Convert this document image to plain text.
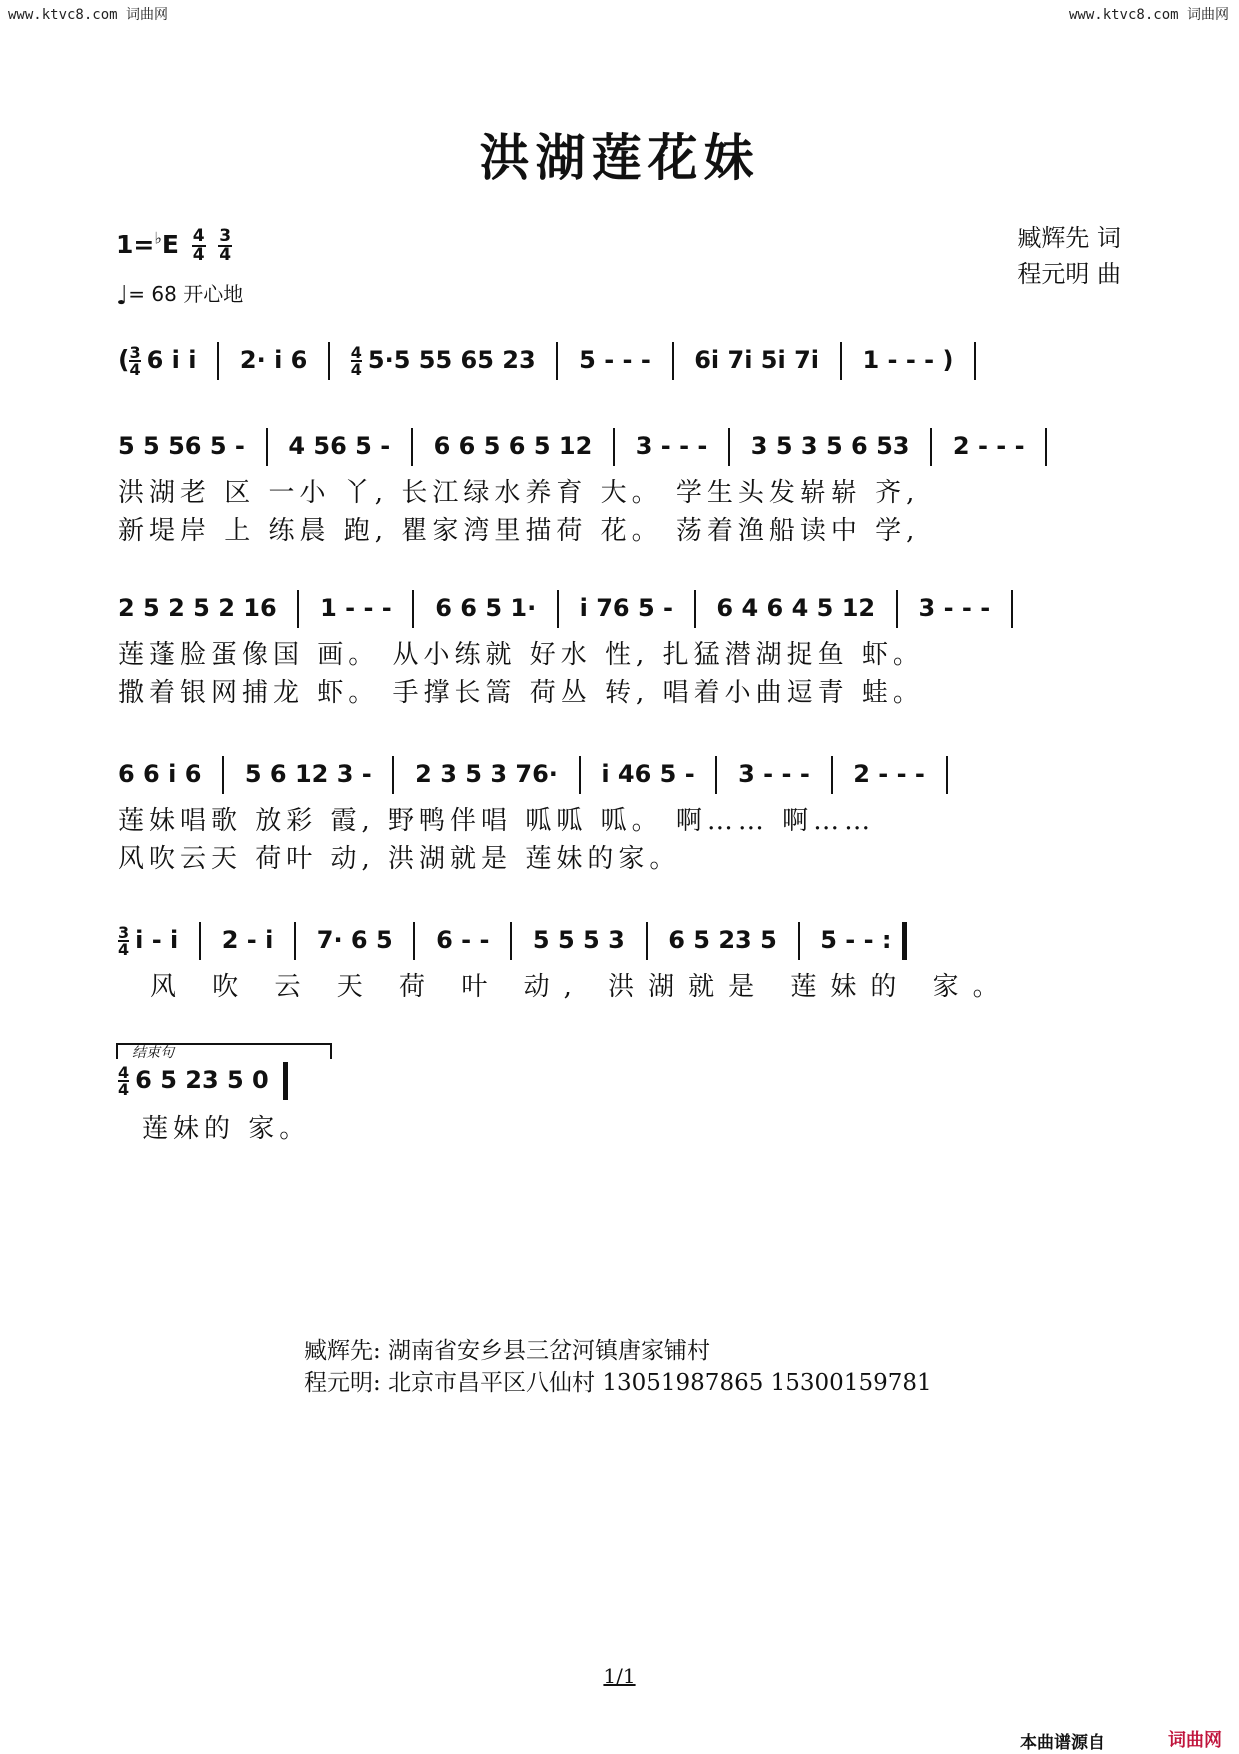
www.ktvc8.com 词曲网	www.ktvc8.com 词曲网
洪湖莲花妹
$1=^♭E \frac{4}{4}$
$\frac{3}{4}$
♩= 68 开心地
臧辉先 词
程元明 曲
( $\frac{3}{4} 6$ i i 2· i 6	$\frac{4}{4} 5\cdot 5$ 55 65 23 5 - - - 6i 7i 5i 7i 1 - - - )
5 5 56 5 - 4 56 5 - 6 6 5 6 5 12 3 - - - 3 5 3 5 6 53 2 - - -
洪湖老 区 一小 丫, 长江绿水养育 大。 学生头发崭崭 齐,
新堤岸 上 练晨 跑, 瞿家湾里描荷 花。 荡着渔船读中 学,
2 5 2 5 2 16 1 - - - 6 6 5 1· i 76 5 - 6 4 6 4 5 12 3 - - -
莲蓬脸蛋像国 画。 从小练就 好水 性, 扎猛潜湖捉鱼 虾。
撒着银网捕龙 虾。 手撑长篙 荷丛 转, 唱着小曲逗青 蛙。
6 6 i 6 5 6 12 3 - 2 3 5 3 76· i 46 5 - 3 - - - 2 - - -
莲妹唱歌 放彩 霞, 野鸭伴唱 呱呱 呱。 啊…… 啊……
风吹云天 荷叶 动, 洪湖就是 莲妹的家。
$\frac{3}{4}$ i - i 2 - i 7· 6 5 6 - - 5 5 5 3 6 5 23 5 5 - - :
风 吹 云 天 荷 叶 动, 洪湖就是 莲妹的 家。
结束句
$\frac{4}{4} 6$ 5 23 5 0
莲妹的 家。
臧辉先: 湖南省安乡县三岔河镇唐家铺村
程元明: 北京市昌平区八仙村 13051987865 15300159781
1/1
本曲谱源自	词曲网
